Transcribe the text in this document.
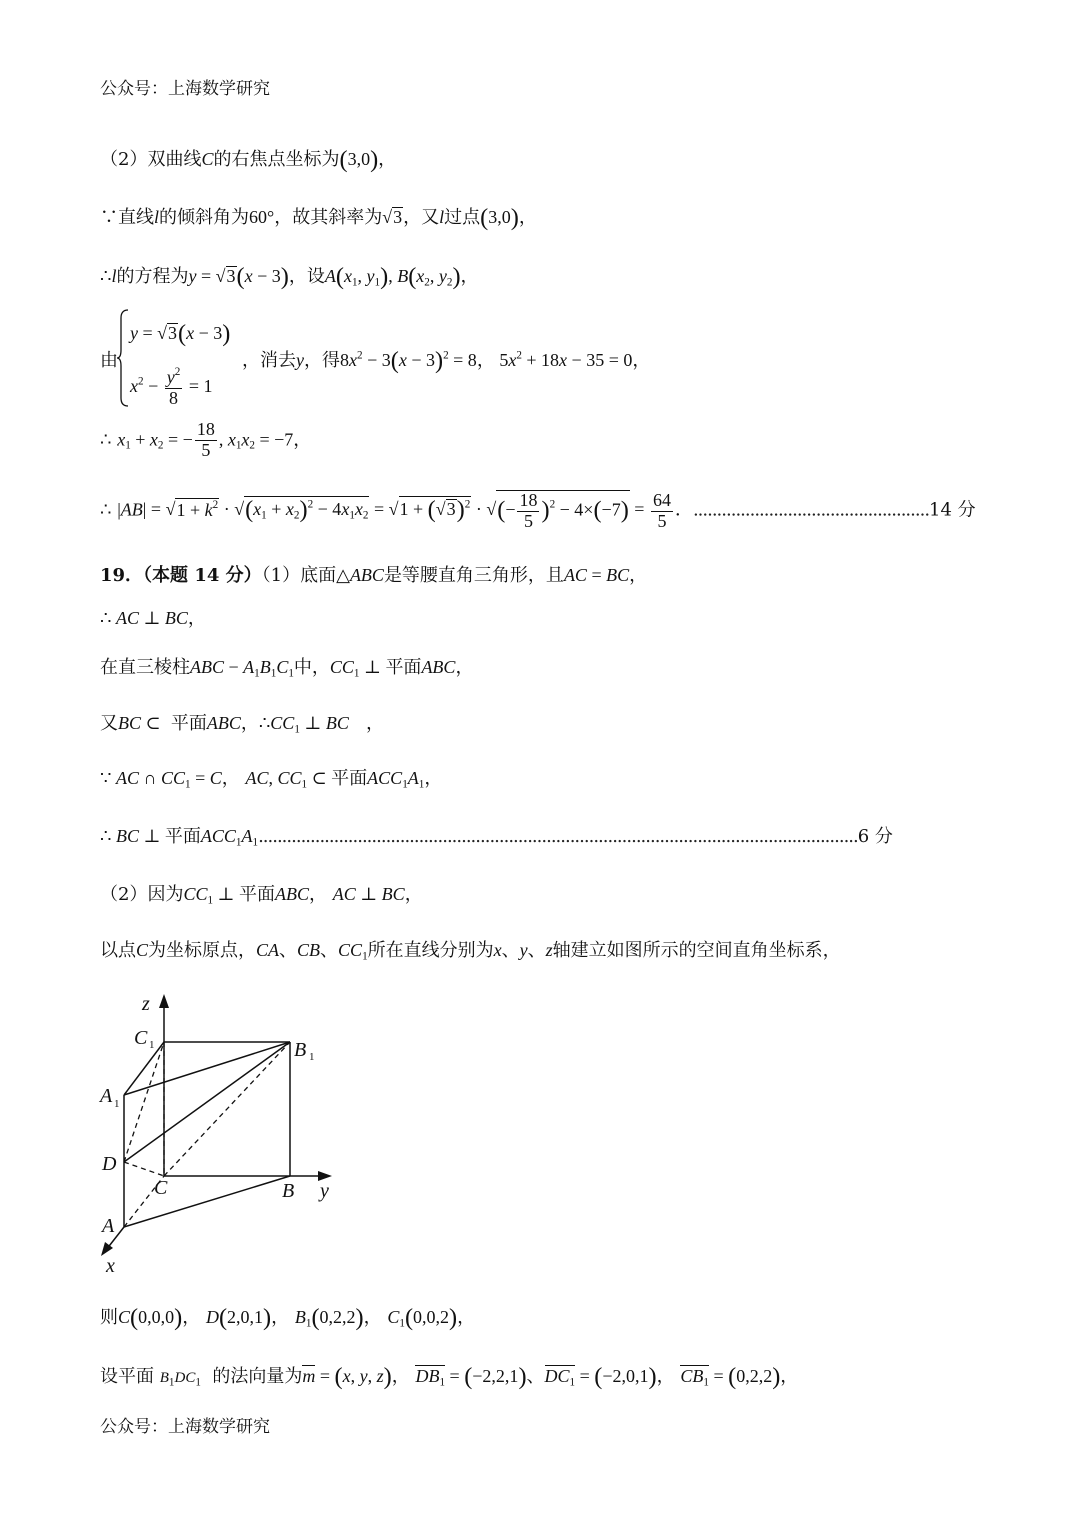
公众号：上海数学研究
（2）双曲线C的右焦点坐标为(3,0)，
∵直线l的倾斜角为60°，故其斜率为√3，又l过点(3,0)，
∴l的方程为y = √3(x − 3)，设$A(x_1$, $y_1$), $B(x_2$, $y_2$)，
由
y = √3(x − 3)
$x^2 - \frac{y^2}{8} = 1$
，消去y，得$8x^2 - 3(x - 3)^2 = 8$， $5x^2 + 18x - 35 = 0$，
∴ $x_1 + x_2$ = − $\frac{18}{5}$ , $x_1x_2 = -7$，
∴ $|AB| = √1 + k^2 \cdot √(x_1 + x_2)^2 - 4x_1x_2 = √1 + (√3)^2$ · √(− $\frac{18}{5} )^2 - 4\times(-7) = \frac{64}{5}$ ．..................................................14 分
19．（本题 14 分）（1）底面△ABC是等腰直角三角形，且AC = BC，
∴ AC ⊥ BC，
在直三棱柱ABC − $A_1B_1C_1$中，$CC_1$ ⊥ 平面ABC，
又BC ⊂  平面ABC，$\therefore CC_1$ ⊥ BC   ，
∵ AC ∩ $CC_1 = C$， AC, $CC_1$ ⊂ 平面$ACC_1A_1$，
∴ BC ⊥ 平面$ACC_1A_1$...............................................................................................................................6 分
（2）因为$CC_1$ ⊥ 平面ABC， AC ⊥ BC，
以点C为坐标原点，CA、CB、$CC_1$所在直线分别为x、y、z轴建立如图所示的空间直角坐标系，
z
C 1	B 1
A 1
D
C	B y
A
x
则C(0,0,0)， D(2,0,1)， $B_1(0,2,2)$， $C_1(0,0,2)$，
设平面 $B_1DC_1$ 的法向量为m = (x, y, z)， $DB_1 = (-2,2,1)$、$DC_1 = (-2,0,1)$， $CB_1 = (0,2,2)$，
公众号：上海数学研究
